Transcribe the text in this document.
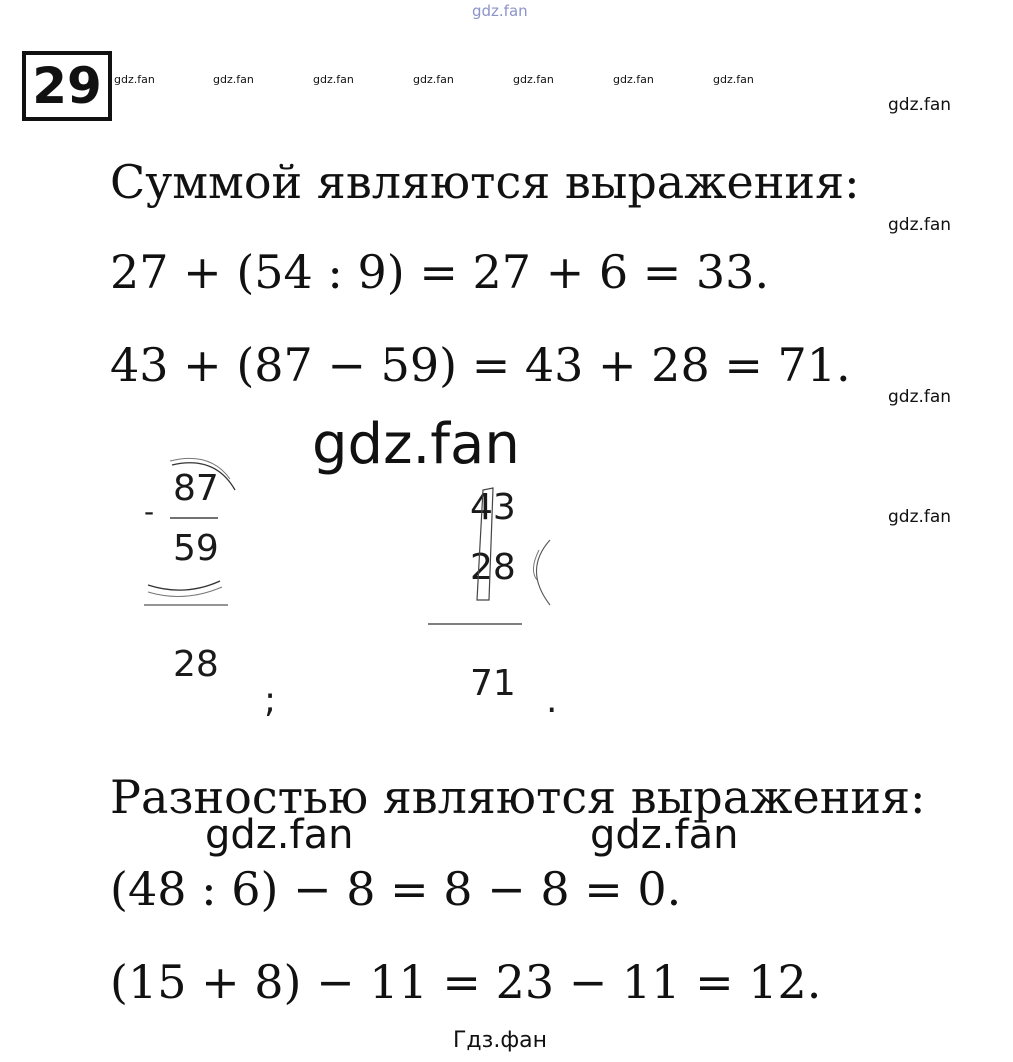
gdz.fan
29 gdz.fan	gdz.fan	gdz.fan	gdz.fan	gdz.fan	gdz.fan	gdz.fan
gdz.fan
gdz.fan
gdz.fan
gdz.fan
Суммой являются выражения:
27 + (54 : 9) = 27 + 6 = 33.
43 + (87 − 59) = 43 + 28 = 71.
gdz.fan
87
-
59
28
;
43
28
71 .
Разностью являются выражения:
gdz.fan	gdz.fan
(48 : 6) − 8 = 8 − 8 = 0.
(15 + 8) − 11 = 23 − 11 = 12.
Гдз.фан
